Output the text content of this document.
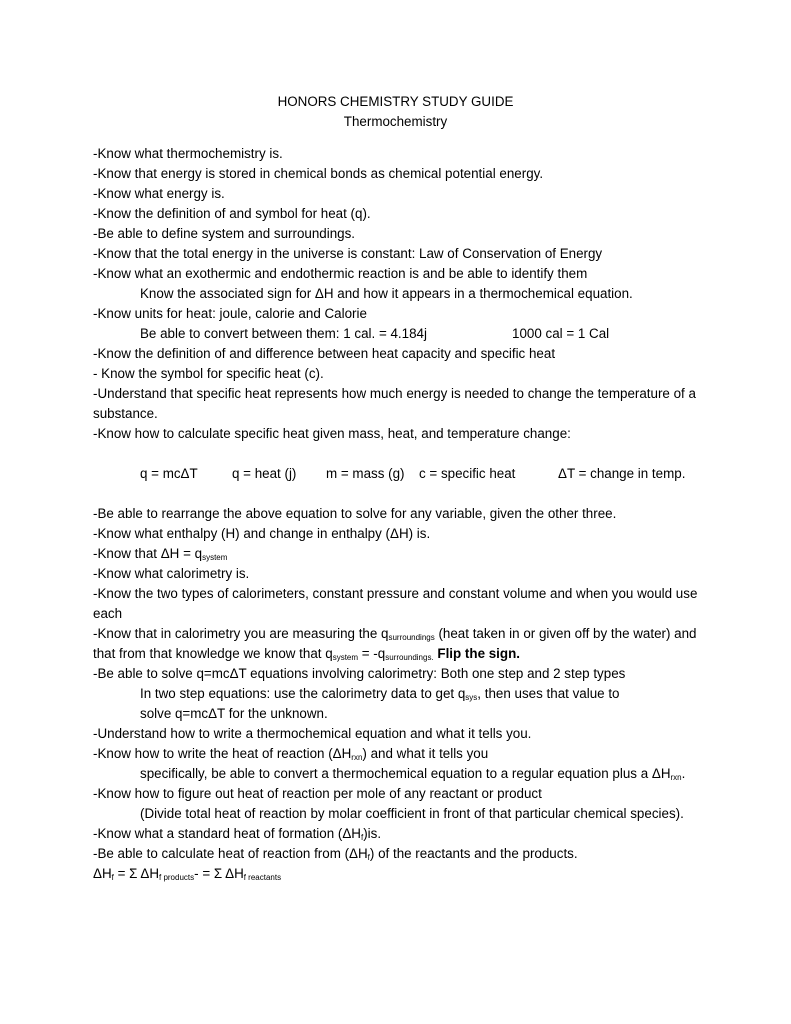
HONORS CHEMISTRY STUDY GUIDE
Thermochemistry
-Know what thermochemistry is.
-Know that energy is stored in chemical bonds as chemical potential energy.
-Know what energy is.
-Know the definition of and symbol for heat (q).
-Be able to define system and surroundings.
-Know that the total energy in the universe is constant: Law of Conservation of Energy
-Know what an exothermic and endothermic reaction is and be able to identify them
Know the associated sign for ΔH and how it appears in a thermochemical equation.
-Know units for heat: joule, calorie and Calorie
Be able to convert between them: 1 cal. = 4.184j	1000 cal = 1 Cal
-Know the definition of and difference between heat capacity and specific heat
- Know the symbol for specific heat (c).
-Understand that specific heat represents how much energy is needed to change the temperature of a
substance.
-Know how to calculate specific heat given mass, heat, and temperature change:
q = mcΔT	q = heat (j) m = mass (g) c = specific heat	ΔT = change in temp.
-Be able to rearrange the above equation to solve for any variable, given the other three.
-Know what enthalpy (H) and change in enthalpy (ΔH) is.
-Know that $\Delta H = q_{system}$
-Know what calorimetry is.
-Know the two types of calorimeters, constant pressure and constant volume and when you would use
each
-Know that in calorimetry you are measuring the $q_{surroundings}$ (heat taken in or given off by the water) and
that from that knowledge we know that $q_{system} = -q_{surroundings.}$ Flip the sign.
-Be able to solve q=mcΔT equations involving calorimetry: Both one step and 2 step types
In two step equations: use the calorimetry data to get $q_{sys}$, then uses that value to
solve q=mcΔT for the unknown.
-Understand how to write a thermochemical equation and what it tells you.
-Know how to write the heat of reaction $(\Delta H_{rxn})$ and what it tells you
specifically, be able to convert a thermochemical equation to a regular equation plus a $\Delta H_{rxn}$.
-Know how to figure out heat of reaction per mole of any reactant or product
(Divide total heat of reaction by molar coefficient in front of that particular chemical species).
-Know what a standard heat of formation $(\Delta H_f)is$.
-Be able to calculate heat of reaction from $(\Delta H_f)$ of the reactants and the products.
$\Delta H_f = \Sigma$ $\Delta H_{f products}- = \Sigma$ $\Delta H_{f reactants}$
